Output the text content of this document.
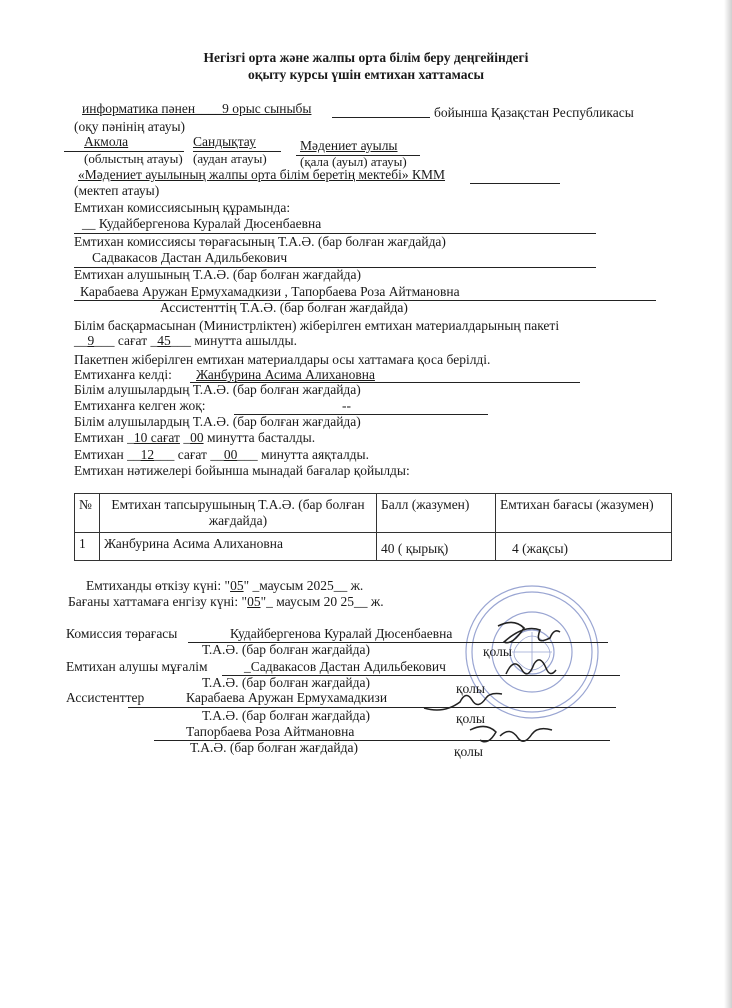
Негізгі орта және жалпы орта білім беру деңгейіндегі
оқыту курсы үшін емтихан хаттамасы
информатика пәнен____9 орыс сыныбы	бойынша Қазақстан Республикасы
(оқу пәнінің атауы)
Акмола	Сандықтау	Мәдениет ауылы
(облыстың атауы) (аудан атауы)	(қала (ауыл) атауы)
«Мәдениет ауылының жалпы орта білім беретің мектебі» КММ
(мектеп атауы)
Емтихан комиссиясының құрамында:
__ Кудайбергенова Куралай Дюсенбаевна
Емтихан комиссиясы төрағасының Т.А.Ә. (бар болған жағдайда)
Садвакасов Дастан Адильбекович
Емтихан алушының Т.А.Ә. (бар болған жағдайда)
Карабаева Аружан Ермухамадкизи , Тапорбаева Роза Айтмановна
Ассистенттің Т.А.Ә. (бар болған жағдайда)
Білім басқармасынан (Министрліктен) жіберілген емтихан материалдарының пакеті
__9___ сағат _45___ минутта ашылды.
Пакетпен жіберілген емтихан материалдары осы хаттамаға қоса берілді.
Емтиханға келді: Жанбурина Асима Алихановна
Білім алушылардың Т.А.Ә. (бар болған жағдайда)
Емтиханға келген жоқ:	--
Білім алушылардың Т.А.Ә. (бар болған жағдайда)
Емтихан _10 сағат _00 минутта басталды.
Емтихан __12___ сағат __00___ минутта аяқталды.
Емтихан нәтижелері бойынша мынадай бағалар қойылды:
№	Емтихан тапсырушының Т.А.Ә. (бар болған жағдайда)	Балл (жазумен)	Емтихан бағасы (жазумен)
1	Жанбурина Асима Алихановна	40 ( қырық)	4 (жақсы)
Емтиханды өткізу күні: "05" _маусым 2025__ ж.
Бағаны хаттамаға енгізу күні: "05"_ маусым 20 25__ ж.
Комиссия төрағасы	Кудайбергенова Куралай Дюсенбаевна
Т.А.Ә. (бар болған жағдайда)	қолы
Емтихан алушы мұғалім	_Садвакасов Дастан Адильбекович
Т.А.Ә. (бар болған жағдайда)	қолы
Ассистенттер	Карабаева Аружан Ермухамадкизи
Т.А.Ә. (бар болған жағдайда)	қолы
Тапорбаева Роза Айтмановна
Т.А.Ә. (бар болған жағдайда)	қолы
